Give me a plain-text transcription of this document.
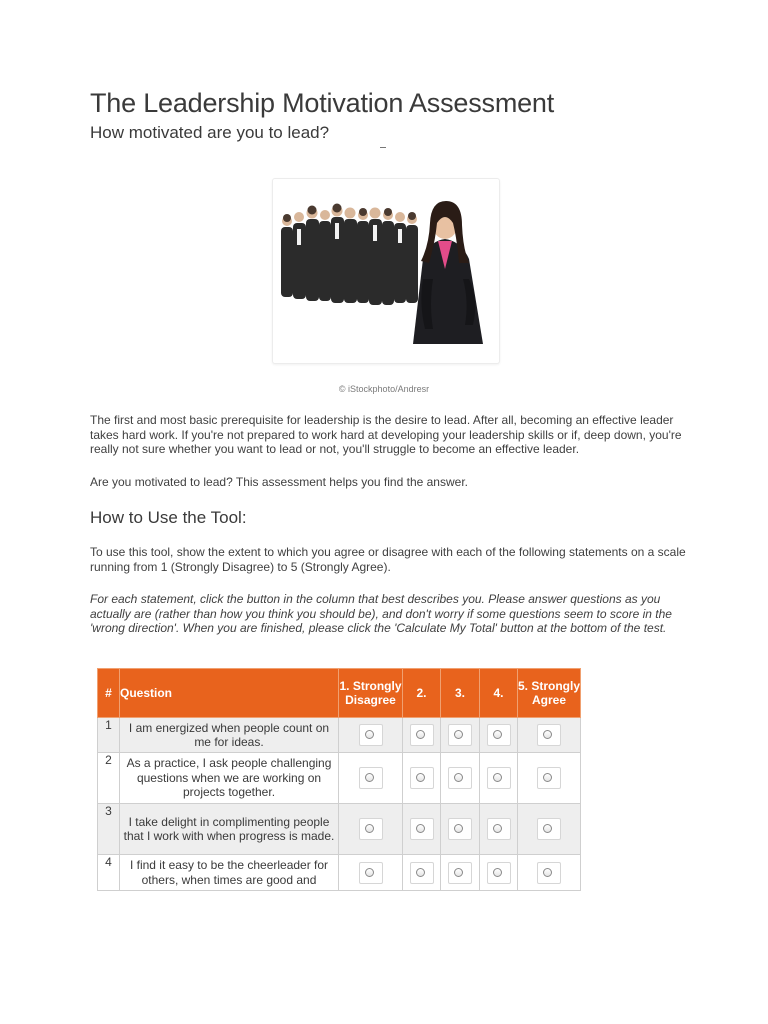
The Leadership Motivation Assessment
How motivated are you to lead?
© iStockphoto/Andresr

The first and most basic prerequisite for leadership is the desire to lead. After all, becoming an effective leader takes hard work. If you're not prepared to work hard at developing your leadership skills or if, deep down, you're really not sure whether you want to lead or not, you'll struggle to become an effective leader.

Are you motivated to lead? This assessment helps you find the answer.

How to Use the Tool:

To use this tool, show the extent to which you agree or disagree with each of the following statements on a scale running from 1 (Strongly Disagree) to 5 (Strongly Agree).

For each statement, click the button in the column that best describes you. Please answer questions as you actually are (rather than how you think you should be), and don't worry if some questions seem to score in the 'wrong direction'. When you are finished, please click the 'Calculate My Total' button at the bottom of the test.

#	Question	1. Strongly Disagree	2.	3.	4.	5. Strongly Agree
1	I am energized when people count on me for ideas.	

2	As a practice, I ask people challenging questions when we are working on projects together.	

3	I take delight in complimenting people that I work with when progress is made.	

4	I find it easy to be the cheerleader for others, when times are good and	
